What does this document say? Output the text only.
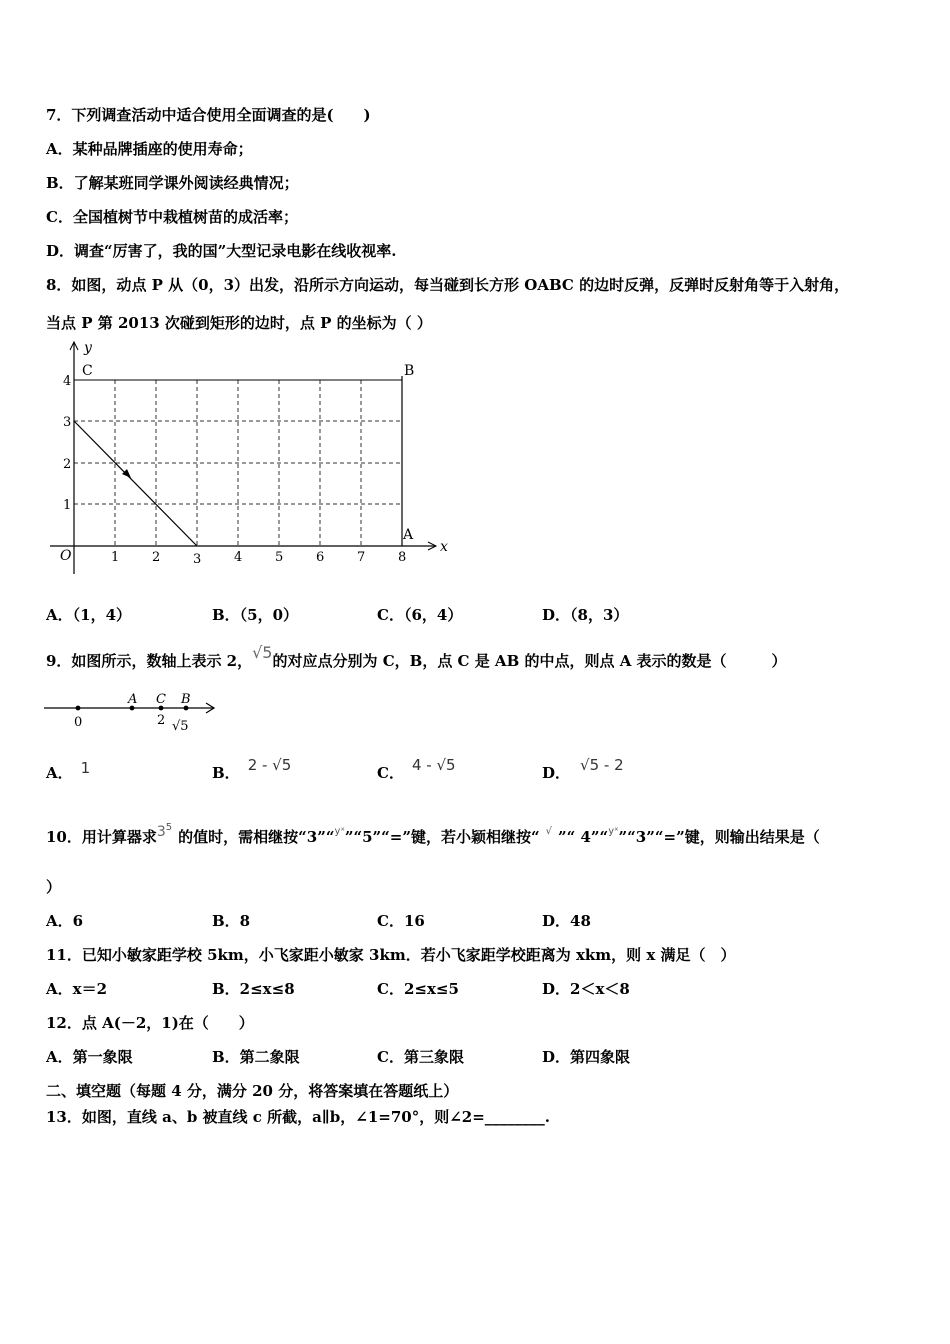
7．下列调查活动中适合使用全面调查的是(　　)
A．某种品牌插座的使用寿命；
B．了解某班同学课外阅读经典情况；
C．全国植树节中栽植树苗的成活率；
D．调查“厉害了，我的国”大型记录电影在线收视率.
8．如图，动点 P 从（0，3）出发，沿所示方向运动，每当碰到长方形 OABC 的边时反弹，反弹时反射角等于入射角，
当点 P 第 2013 次碰到矩形的边时，点 P 的坐标为（ ）
y
x
O
C	B
A
1	2	3	4	5	6	7	8
1
2
3
4
A．（1，4）	B．（5，0）	C．（6，4）	D．（8，3）
9．如图所示，数轴上表示 2，√5的对应点分别为 C，B，点 C 是 AB 的中点，则点 A 表示的数是（　　　）
0
A C B
2 √5
A． 1	B． 2 - √5	C． 4 - √5	D． √5 - 2
10．用计算器求$3^5$的值时，需相继按“3”“$^{yˣ}$”“5”“=”键，若小颖相继按“ √ ”“ 4”“$^{yˣ}$”“3”“=”键，则输出结果是（
）
A．6	B．8	C．16	D．48
11．已知小敏家距学校 5km，小飞家距小敏家 3km．若小飞家距学校距离为 xkm，则 x 满足（　）
A．x＝2	B．2≤x≤8	C．2≤x≤5	D．2＜x＜8
12．点 A(－2，1)在（　　）
A．第一象限	B．第二象限	C．第三象限	D．第四象限
二、填空题（每题 4 分，满分 20 分，将答案填在答题纸上）
13．如图，直线 a、b 被直线 c 所截，a∥b，∠1=70°，则∠2=________.
